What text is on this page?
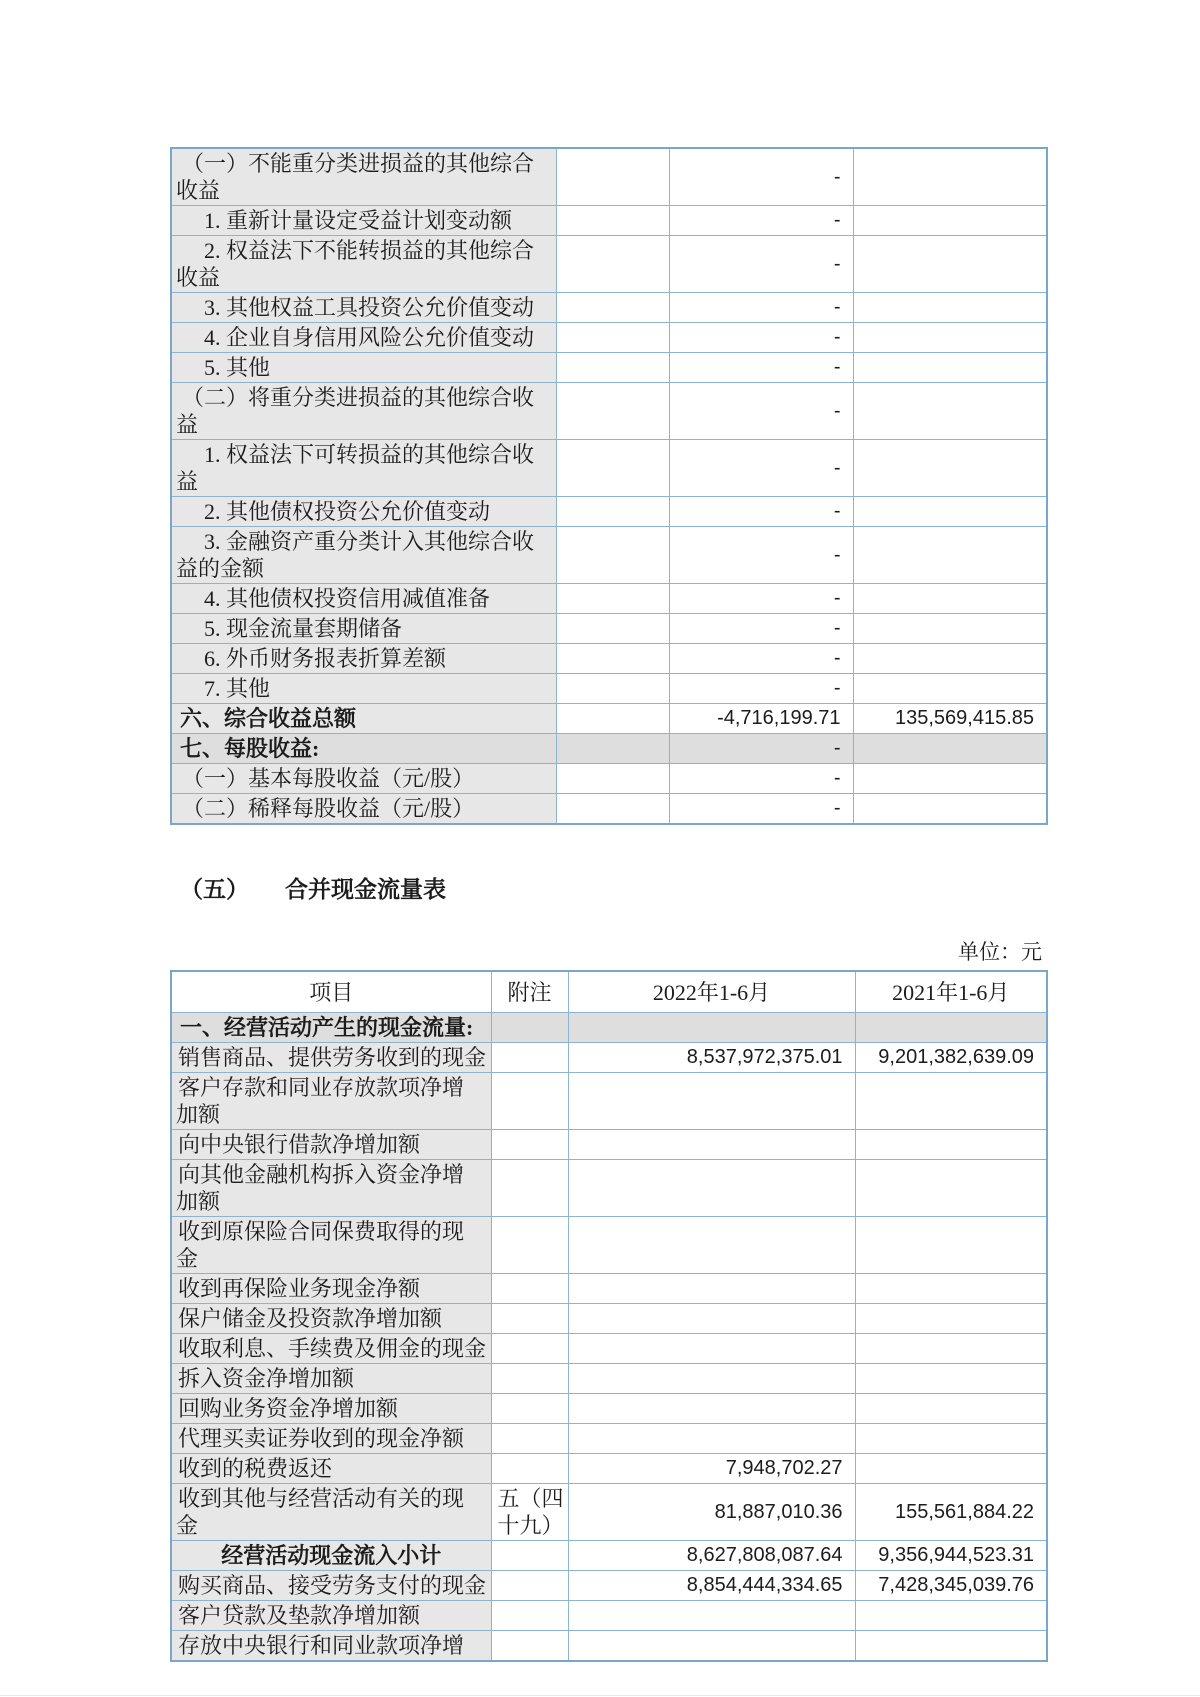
（一）不能重分类进损益的其他综合收益		-	
1. 重新计量设定受益计划变动额		-	
2. 权益法下不能转损益的其他综合收益		-	
3. 其他权益工具投资公允价值变动		-	
4. 企业自身信用风险公允价值变动		-	
5. 其他		-	
（二）将重分类进损益的其他综合收益		-	
1. 权益法下可转损益的其他综合收益		-	
2. 其他债权投资公允价值变动		-	
3. 金融资产重分类计入其他综合收益的金额		-	
4. 其他债权投资信用减值准备		-	
5. 现金流量套期储备		-	
6. 外币财务报表折算差额		-	
7. 其他		-	
六、综合收益总额		-4,716,199.71	135,569,415.85
七、每股收益:		-	
（一）基本每股收益（元/股）		-	
（二）稀释每股收益（元/股）		-	
（五） 合并现金流量表
单位：元
项目	附注	2022年1-6月	2021年1-6月
一、经营活动产生的现金流量:			
销售商品、提供劳务收到的现金		8,537,972,375.01	9,201,382,639.09
客户存款和同业存放款项净增加额			
向中央银行借款净增加额			
向其他金融机构拆入资金净增加额			
收到原保险合同保费取得的现金			
收到再保险业务现金净额			
保户储金及投资款净增加额			
收取利息、手续费及佣金的现金			
拆入资金净增加额			
回购业务资金净增加额			
代理买卖证券收到的现金净额			
收到的税费返还		7,948,702.27	
收到其他与经营活动有关的现金	五（四十九）	81,887,010.36	155,561,884.22
经营活动现金流入小计		8,627,808,087.64	9,356,944,523.31
购买商品、接受劳务支付的现金		8,854,444,334.65	7,428,345,039.76
客户贷款及垫款净增加额			
存放中央银行和同业款项净增			
